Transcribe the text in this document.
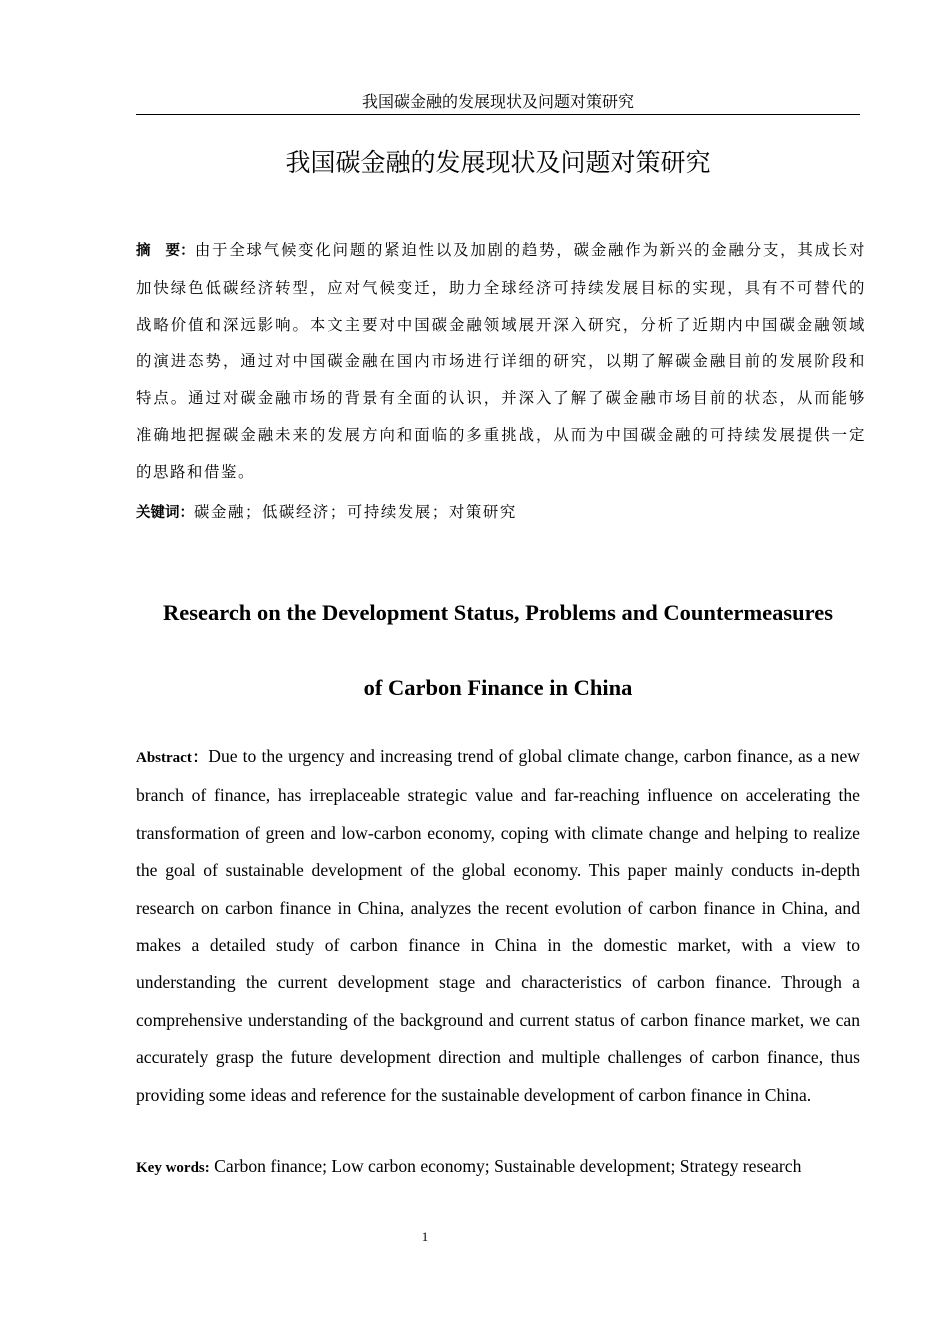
我国碳金融的发展现状及问题对策研究
我国碳金融的发展现状及问题对策研究
摘　要：由于全球气候变化问题的紧迫性以及加剧的趋势，碳金融作为新兴的金融分支，其成长对加快绿色低碳经济转型，应对气候变迁，助力全球经济可持续发展目标的实现，具有不可替代的战略价值和深远影响。本文主要对中国碳金融领域展开深入研究，分析了近期内中国碳金融领域的演进态势，通过对中国碳金融在国内市场进行详细的研究，以期了解碳金融目前的发展阶段和特点。通过对碳金融市场的背景有全面的认识，并深入了解了碳金融市场目前的状态，从而能够准确地把握碳金融未来的发展方向和面临的多重挑战，从而为中国碳金融的可持续发展提供一定的思路和借鉴。
关键词：碳金融；低碳经济；可持续发展；对策研究
Research on the Development Status, Problems and Countermeasures
of Carbon Finance in China
Abstract：Due to the urgency and increasing trend of global climate change, carbon finance, as a new branch of finance, has irreplaceable strategic value and far-reaching influence on accelerating the transformation of green and low-carbon economy, coping with climate change and helping to realize the goal of sustainable development of the global economy. This paper mainly conducts in-depth research on carbon finance in China, analyzes the recent evolution of carbon finance in China, and makes a detailed study of carbon finance in China in the domestic market, with a view to understanding the current development stage and characteristics of carbon finance. Through a comprehensive understanding of the background and current status of carbon finance market, we can accurately grasp the future development direction and multiple challenges of carbon finance, thus providing some ideas and reference for the sustainable development of carbon finance in China.
Key words: Carbon finance; Low carbon economy; Sustainable development; Strategy research
1
